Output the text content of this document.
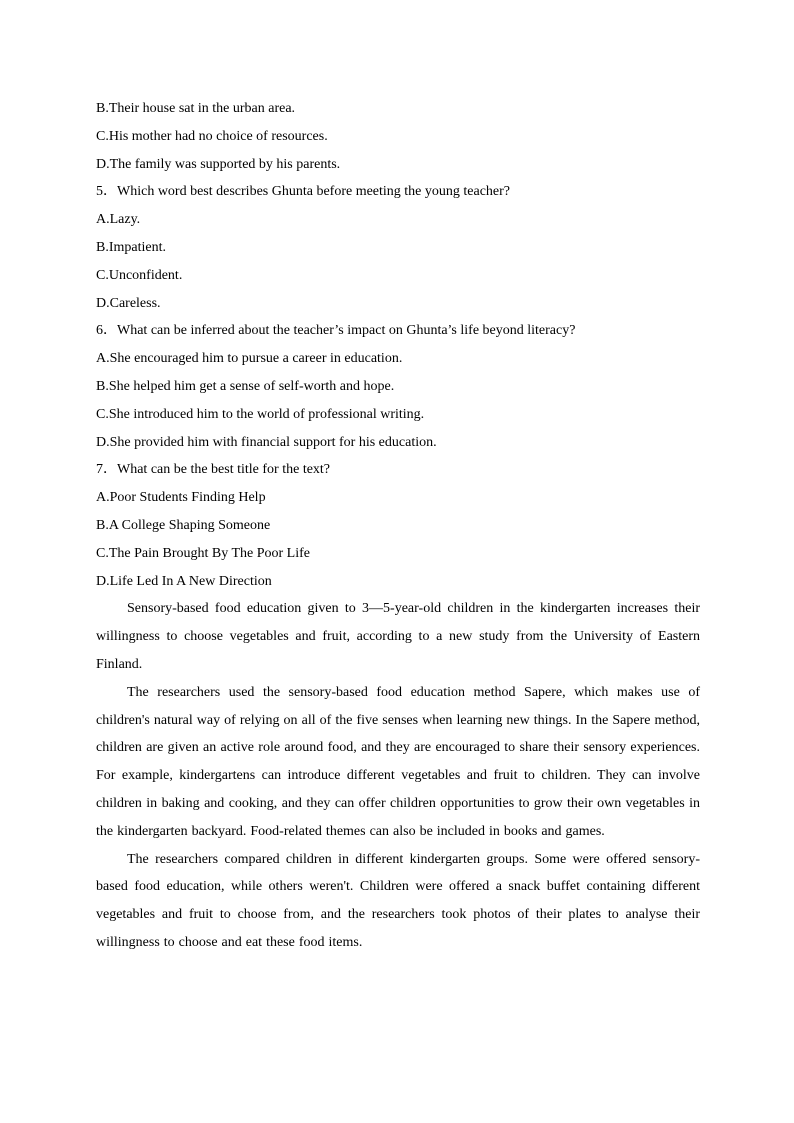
B.Their house sat in the urban area.

C.His mother had no choice of resources.

D.The family was supported by his parents.

5．Which word best describes Ghunta before meeting the young teacher?

A.Lazy.

B.Impatient.

C.Unconfident.

D.Careless.

6．What can be inferred about the teacher’s impact on Ghunta’s life beyond literacy?

A.She encouraged him to pursue a career in education.

B.She helped him get a sense of self-worth and hope.

C.She introduced him to the world of professional writing.

D.She provided him with financial support for his education.

7．What can be the best title for the text?

A.Poor Students Finding Help

B.A College Shaping Someone

C.The Pain Brought By The Poor Life

D.Life Led In A New Direction

Sensory-based food education given to 3—5-year-old children in the kindergarten increases their willingness to choose vegetables and fruit, according to a new study from the University of Eastern Finland.

The researchers used the sensory-based food education method Sapere, which makes use of children's natural way of relying on all of the five senses when learning new things. In the Sapere method, children are given an active role around food, and they are encouraged to share their sensory experiences. For example, kindergartens can introduce different vegetables and fruit to children. They can involve children in baking and cooking, and they can offer children opportunities to grow their own vegetables in the kindergarten backyard. Food-related themes can also be included in books and games.

The researchers compared children in different kindergarten groups. Some were offered sensory-based food education, while others weren't. Children were offered a snack buffet containing different vegetables and fruit to choose from, and the researchers took photos of their plates to analyse their willingness to choose and eat these food items.
